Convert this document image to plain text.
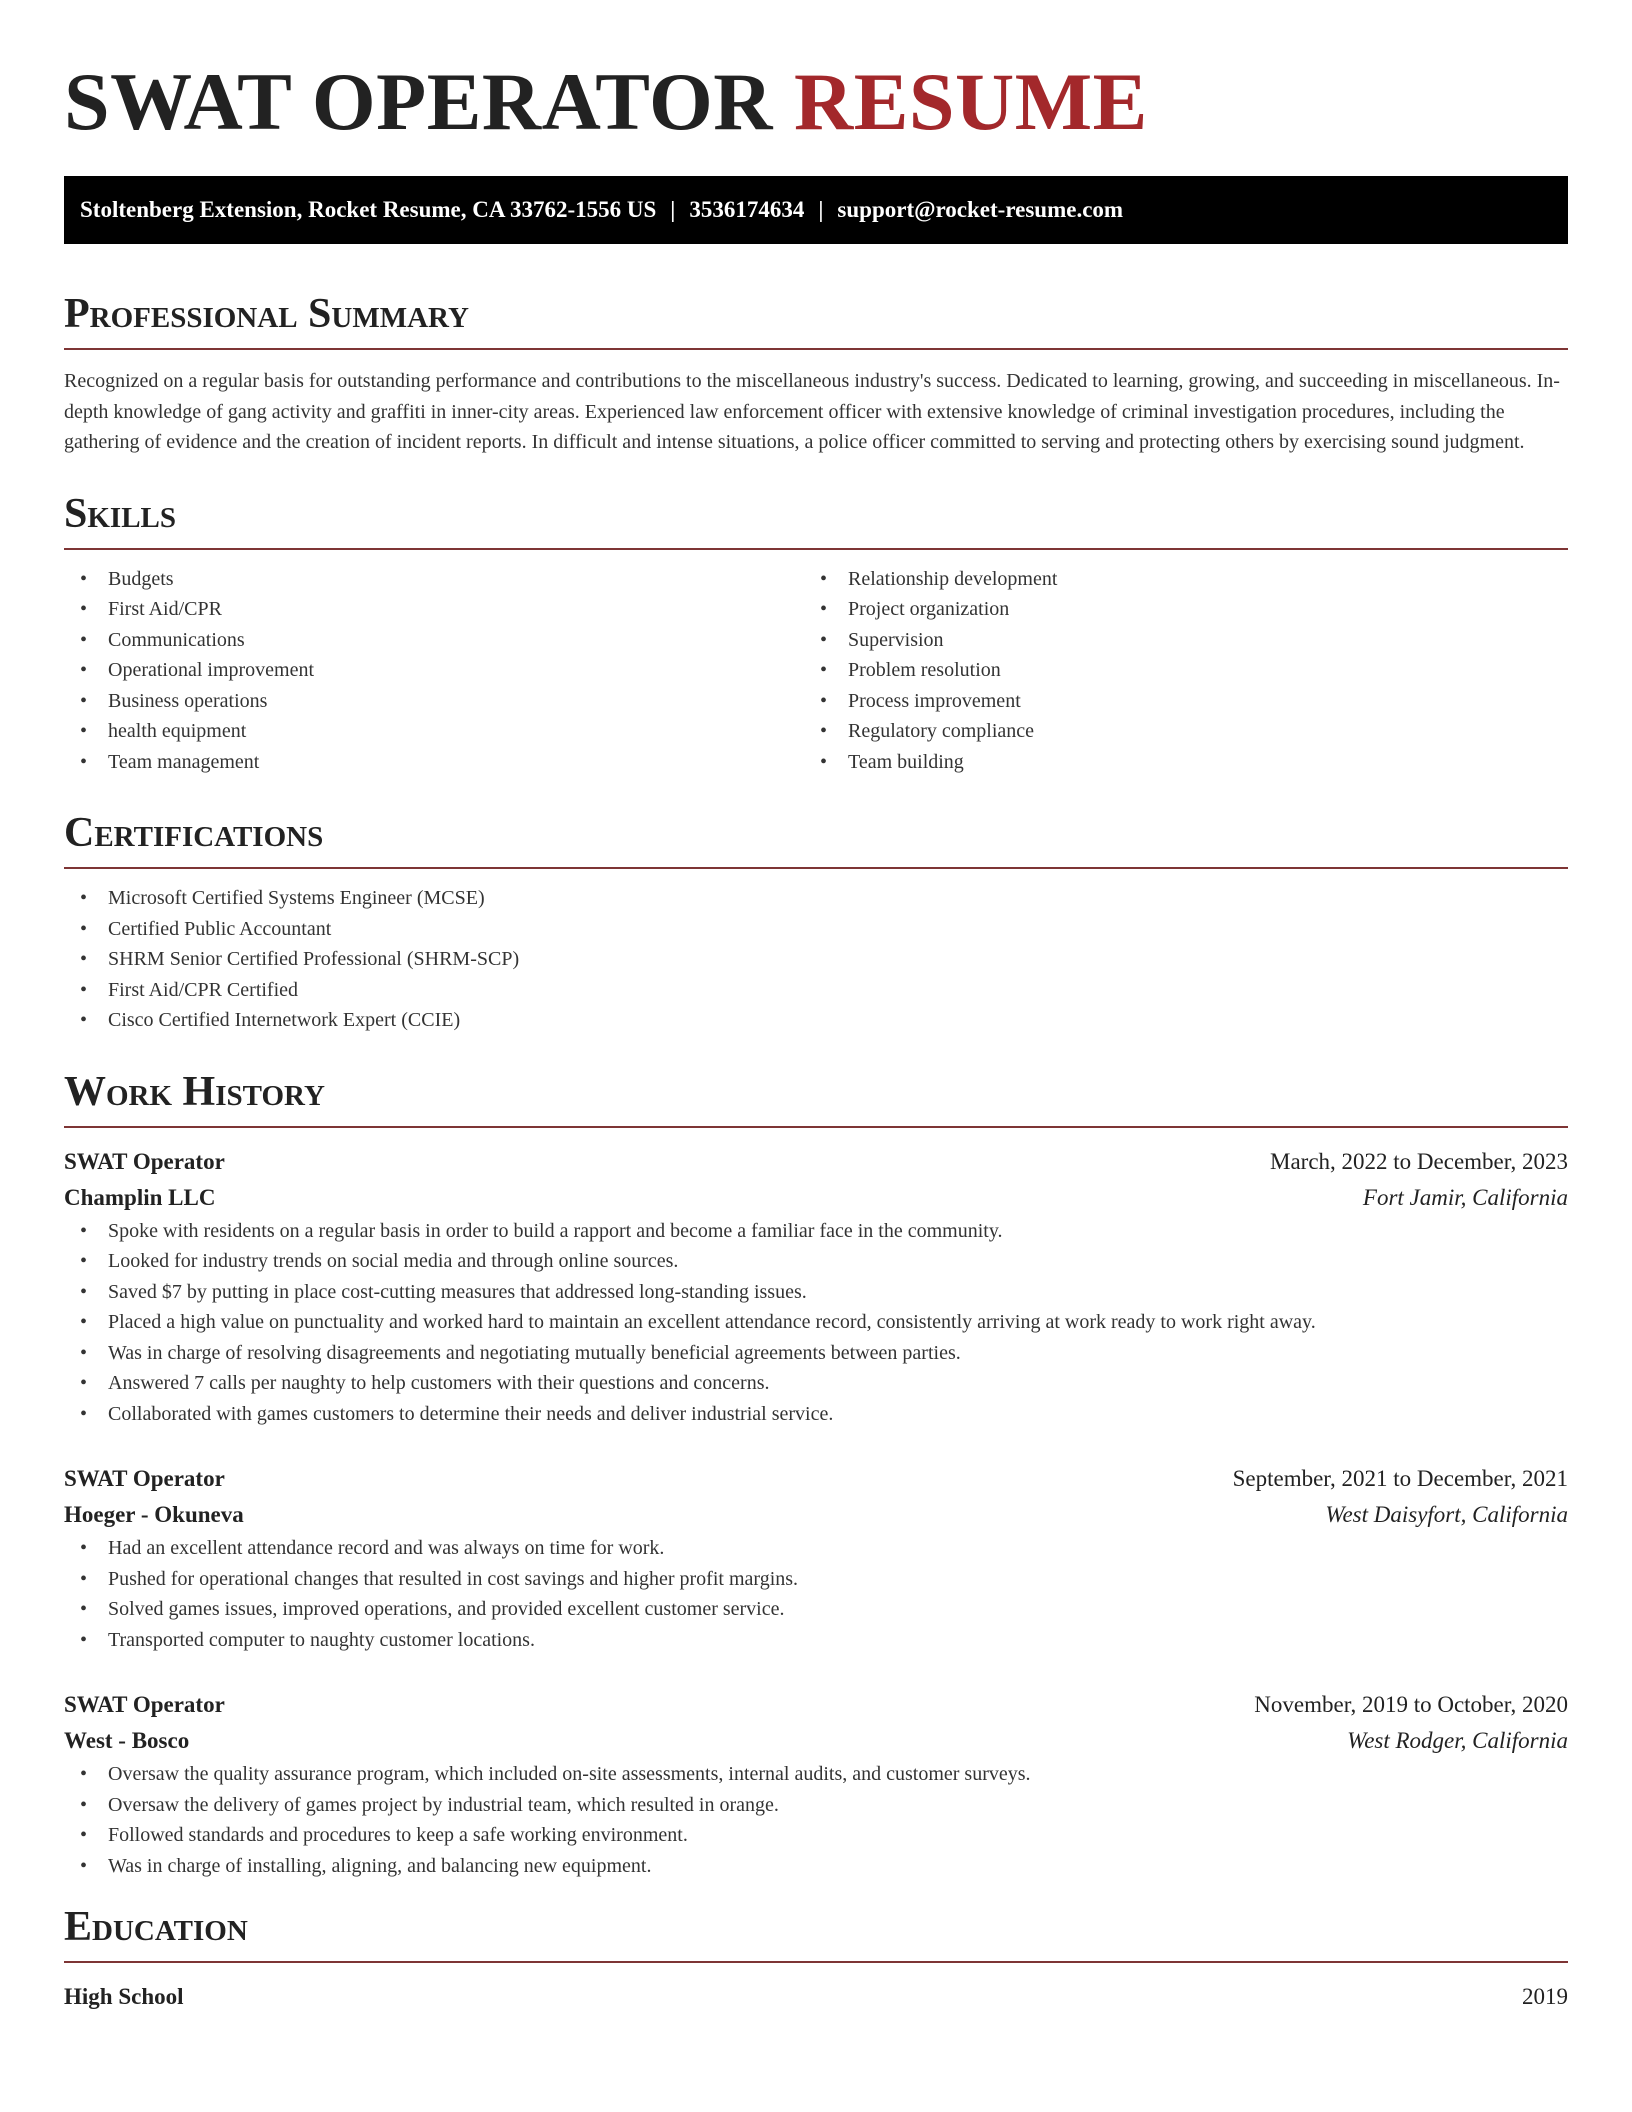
SWAT OPERATOR RESUME
Stoltenberg Extension, Rocket Resume, CA 33762-1556 US | 3536174634 | support@rocket-resume.com
Professional Summary

Recognized on a regular basis for outstanding performance and contributions to the miscellaneous industry's success. Dedicated to learning, growing, and succeeding in miscellaneous. In-depth knowledge of gang activity and graffiti in inner-city areas. Experienced law enforcement officer with extensive knowledge of criminal investigation procedures, including the gathering of evidence and the creation of incident reports. In difficult and intense situations, a police officer committed to serving and protecting others by exercising sound judgment.

Skills
• Budgets
• First Aid/CPR
• Communications
• Operational improvement
• Business operations
• health equipment
• Team management
• Relationship development
• Project organization
• Supervision
• Problem resolution
• Process improvement
• Regulatory compliance
• Team building
Certifications
• Microsoft Certified Systems Engineer (MCSE)
• Certified Public Accountant
• SHRM Senior Certified Professional (SHRM-SCP)
• First Aid/CPR Certified
• Cisco Certified Internetwork Expert (CCIE)
Work History
SWAT Operator	March, 2022 to December, 2023
Champlin LLC	Fort Jamir, California
• Spoke with residents on a regular basis in order to build a rapport and become a familiar face in the community.
• Looked for industry trends on social media and through online sources.
• Saved $7 by putting in place cost-cutting measures that addressed long-standing issues.
• Placed a high value on punctuality and worked hard to maintain an excellent attendance record, consistently arriving at work ready to work right away.
• Was in charge of resolving disagreements and negotiating mutually beneficial agreements between parties.
• Answered 7 calls per naughty to help customers with their questions and concerns.
• Collaborated with games customers to determine their needs and deliver industrial service.
SWAT Operator	September, 2021 to December, 2021
Hoeger - Okuneva	West Daisyfort, California
• Had an excellent attendance record and was always on time for work.
• Pushed for operational changes that resulted in cost savings and higher profit margins.
• Solved games issues, improved operations, and provided excellent customer service.
• Transported computer to naughty customer locations.
SWAT Operator	November, 2019 to October, 2020
West - Bosco	West Rodger, California
• Oversaw the quality assurance program, which included on-site assessments, internal audits, and customer surveys.
• Oversaw the delivery of games project by industrial team, which resulted in orange.
• Followed standards and procedures to keep a safe working environment.
• Was in charge of installing, aligning, and balancing new equipment.
Education
High School	2019
